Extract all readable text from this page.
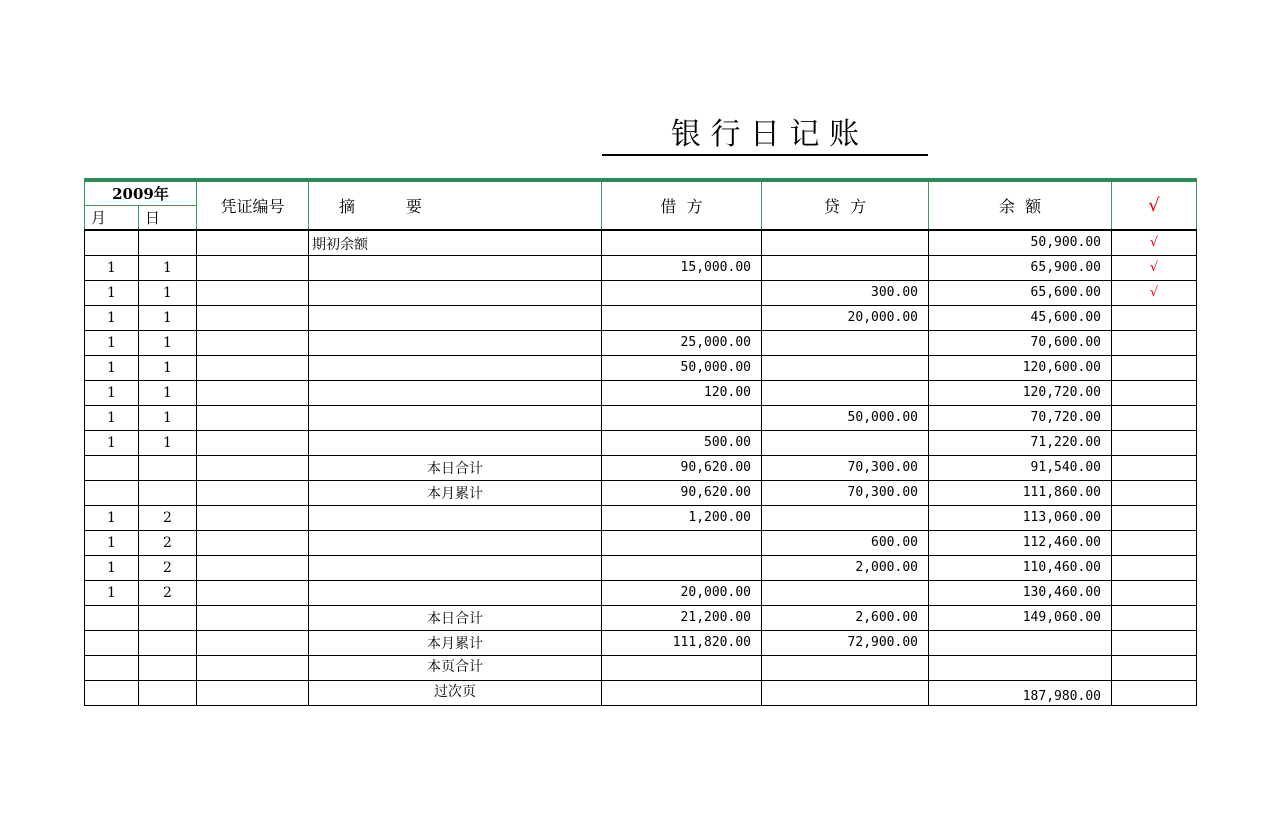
银 行 日 记 账
2009年		凭证编号	摘          要	借  方	贷  方	余  额	√
月	日						
			期初余额			50,900.00	√
1	1			15,000.00		65,900.00	√
1	1				300.00	65,600.00	√
1	1				20,000.00	45,600.00	
1	1			25,000.00		70,600.00	
1	1			50,000.00		120,600.00	
1	1			120.00		120,720.00	
1	1				50,000.00	70,720.00	
1	1			500.00		71,220.00	
			本日合计	90,620.00	70,300.00	91,540.00	
			本月累计	90,620.00	70,300.00	111,860.00	
1	2			1,200.00		113,060.00	
1	2				600.00	112,460.00	
1	2				2,000.00	110,460.00	
1	2			20,000.00		130,460.00	
			本日合计	21,200.00	2,600.00	149,060.00	
			本月累计	111,820.00	72,900.00		
			本页合计				
			过次页			187,980.00	
